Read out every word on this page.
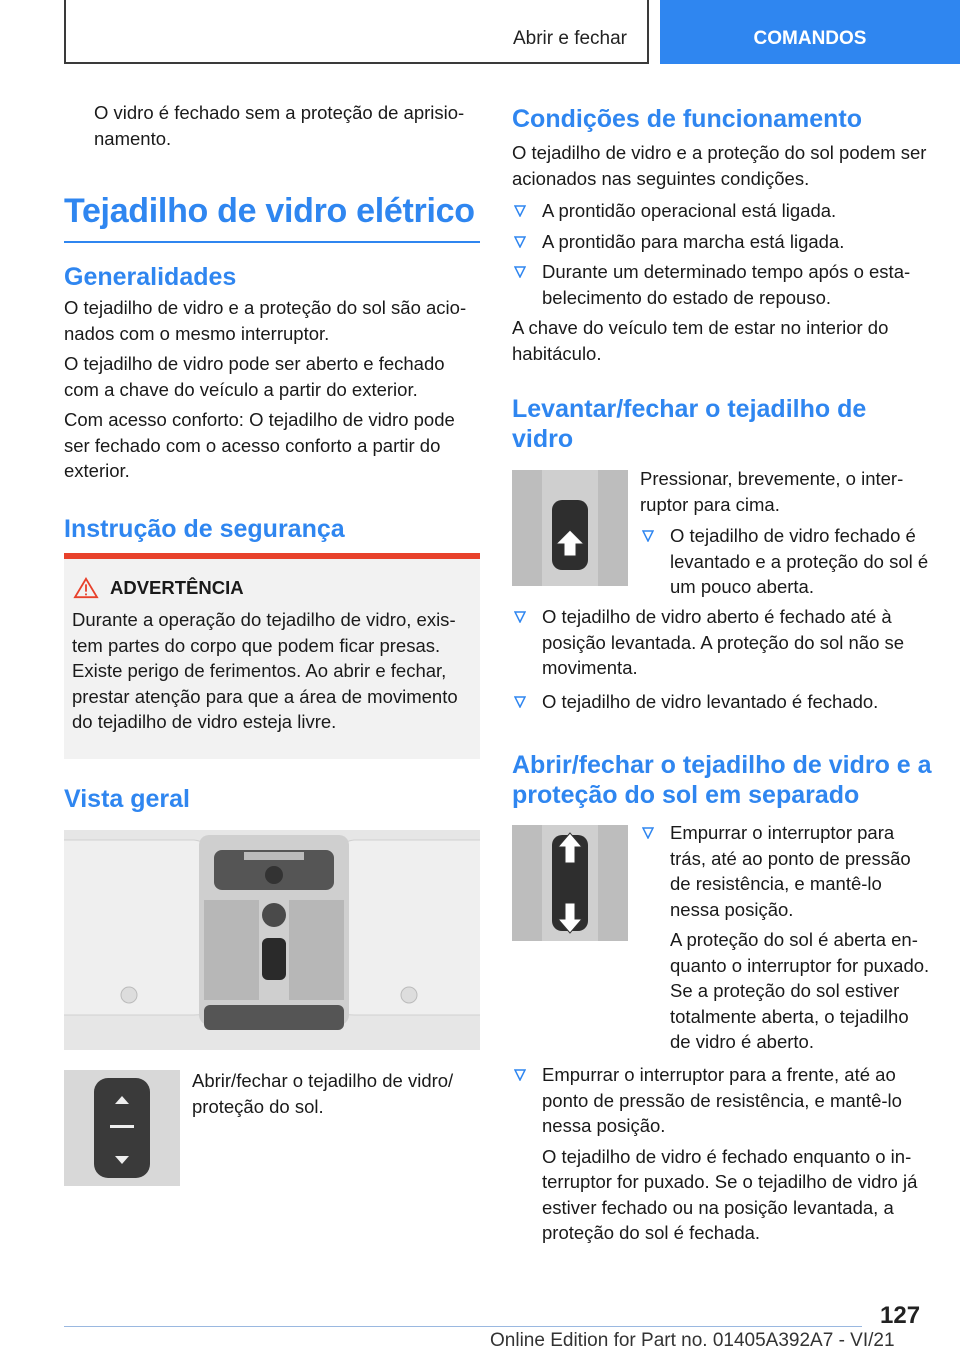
Abrir e fechar	COMANDOS

O vidro é fechado sem a proteção de aprisionamento.

Tejadilho de vidro elétrico
Generalidades

O tejadilho de vidro e a proteção do sol são acionados com o mesmo interruptor.

O tejadilho de vidro pode ser aberto e fechado com a chave do veículo a partir do exterior.

Com acesso conforto: O tejadilho de vidro pode ser fechado com o acesso conforto a partir do exterior.

Instrução de segurança
ADVERTÊNCIA
Durante a operação do tejadilho de vidro, existem partes do corpo que podem ficar presas. Existe perigo de ferimentos. Ao abrir e fechar, prestar atenção para que a área de movimento do tejadilho de vidro esteja livre.
Vista geral

Abrir/fechar o tejadilho de vidro/ proteção do sol.

Condições de funcionamento

O tejadilho de vidro e a proteção do sol podem ser acionados nas seguintes condições.

A prontidão operacional está ligada.
A prontidão para marcha está ligada.
Durante um determinado tempo após o estabelecimento do estado de repouso.

A chave do veículo tem de estar no interior do habitáculo.

Levantar/fechar o tejadilho de vidro

Pressionar, brevemente, o interruptor para cima.

O tejadilho de vidro fechado é levantado e a proteção do sol é um pouco aberta.
O tejadilho de vidro aberto é fechado até à posição levantada. A proteção do sol não se movimenta.
O tejadilho de vidro levantado é fechado.
Abrir/fechar o tejadilho de vidro e a proteção do sol em separado
Empurrar o interruptor para trás, até ao ponto de pressão de resistência, e mantê-lo nessa posição.

A proteção do sol é aberta enquanto o interruptor for puxado. Se a proteção do sol estiver totalmente aberta, o tejadilho de vidro é aberto.

Empurrar o interruptor para a frente, até ao ponto de pressão de resistência, e mantê-lo nessa posição.

O tejadilho de vidro é fechado enquanto o interruptor for puxado. Se o tejadilho de vidro já estiver fechado ou na posição levantada, a proteção do sol é fechada.

127
Online Edition for Part no. 01405A392A7 - VI/21
